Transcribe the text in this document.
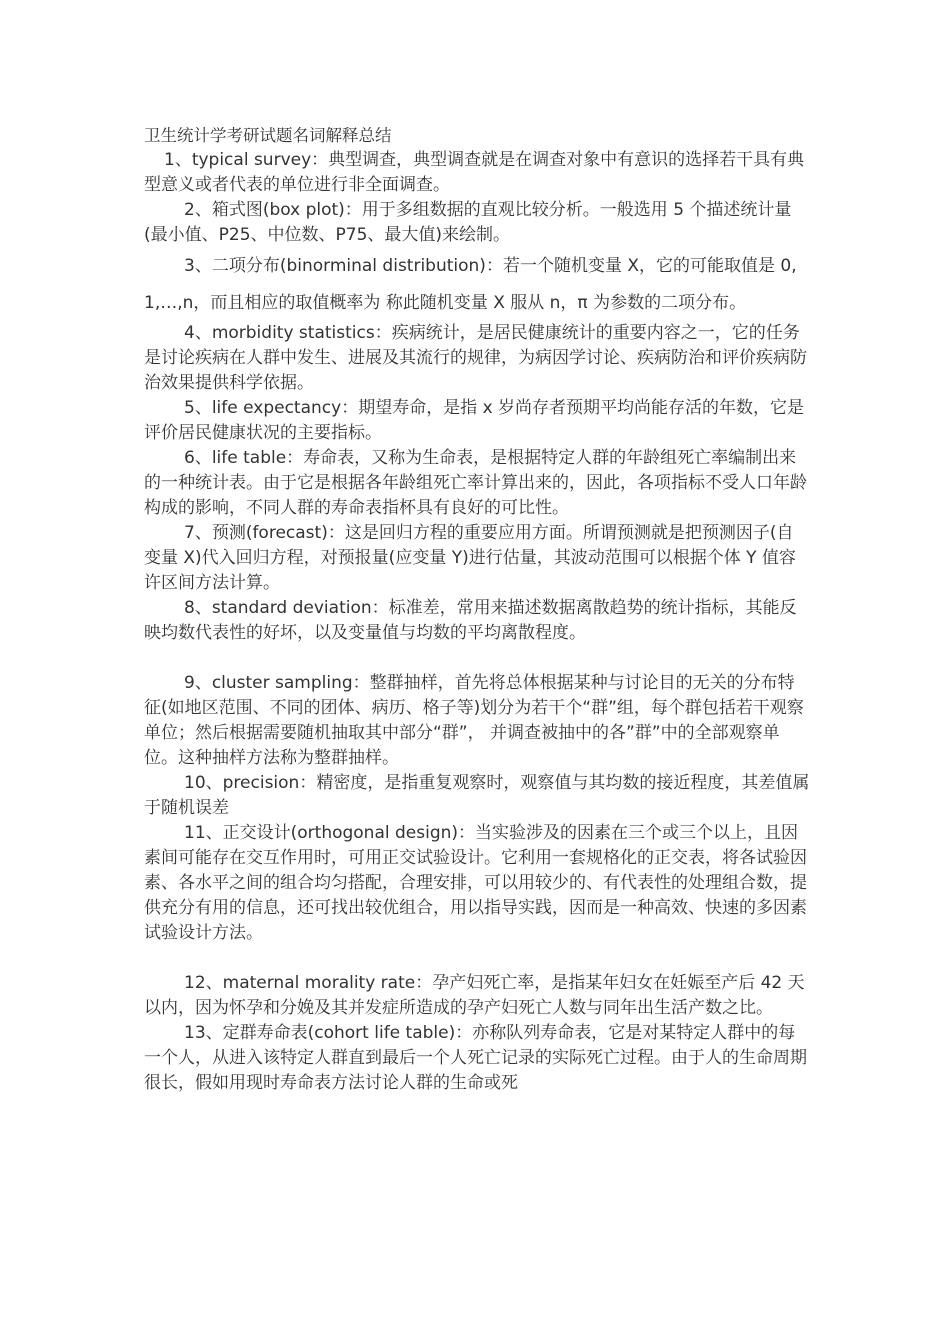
卫生统计学考研试题名词解释总结

1、typical survey：典型调查，典型调查就是在调查对象中有意识的选择若干具有典型意义或者代表的单位进行非全面调查。

2、箱式图(box plot)：用于多组数据的直观比较分析。一般选用 5 个描述统计量(最小值、P25、中位数、P75、最大值)来绘制。

3、二项分布(binorminal distribution)：若一个随机变量 X，它的可能取值是 0,1,…,n，而且相应的取值概率为 称此随机变量 X 服从 n，π 为参数的二项分布。

4、morbidity statistics：疾病统计，是居民健康统计的重要内容之一，它的任务是讨论疾病在人群中发生、进展及其流行的规律，为病因学讨论、疾病防治和评价疾病防治效果提供科学依据。

5、life expectancy：期望寿命，是指 x 岁尚存者预期平均尚能存活的年数，它是评价居民健康状况的主要指标。

6、life table：寿命表，又称为生命表，是根据特定人群的年龄组死亡率编制出来的一种统计表。由于它是根据各年龄组死亡率计算出来的，因此，各项指标不受人口年龄构成的影响，不同人群的寿命表指杯具有良好的可比性。

7、预测(forecast)：这是回归方程的重要应用方面。所谓预测就是把预测因子(自变量 X)代入回归方程，对预报量(应变量 Y)进行估量，其波动范围可以根据个体 Y 值容许区间方法计算。

8、standard deviation：标准差，常用来描述数据离散趋势的统计指标，其能反映均数代表性的好坏，以及变量值与均数的平均离散程度。

9、cluster sampling：整群抽样，首先将总体根据某种与讨论目的无关的分布特征(如地区范围、不同的团体、病历、格子等)划分为若干个“群”组，每个群包括若干观察单位；然后根据需要随机抽取其中部分“群”， 并调查被抽中的各”群”中的全部观察单位。这种抽样方法称为整群抽样。

10、precision：精密度，是指重复观察时，观察值与其均数的接近程度，其差值属于随机误差

11、正交设计(orthogonal design)：当实验涉及的因素在三个或三个以上，且因素间可能存在交互作用时，可用正交试验设计。它利用一套规格化的正交表，将各试验因素、各水平之间的组合均匀搭配，合理安排，可以用较少的、有代表性的处理组合数，提供充分有用的信息，还可找出较优组合，用以指导实践，因而是一种高效、快速的多因素试验设计方法。

12、maternal morality rate：孕产妇死亡率，是指某年妇女在妊娠至产后 42 天以内，因为怀孕和分娩及其并发症所造成的孕产妇死亡人数与同年出生活产数之比。

13、定群寿命表(cohort life table)：亦称队列寿命表，它是对某特定人群中的每一个人，从进入该特定人群直到最后一个人死亡记录的实际死亡过程。由于人的生命周期很长，假如用现时寿命表方法讨论人群的生命或死
